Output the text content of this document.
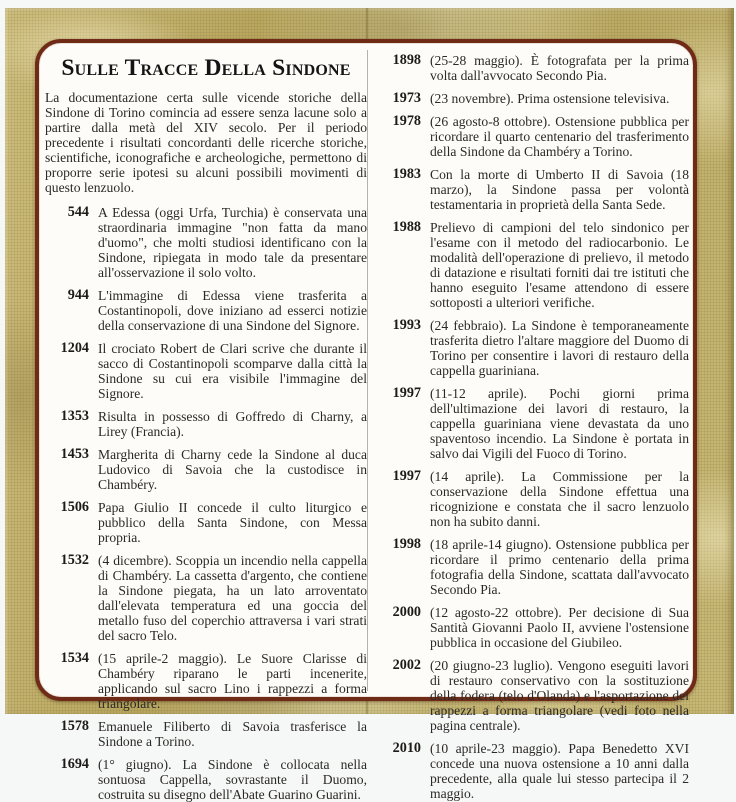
Sulle Tracce Della Sindone

La documentazione certa sulle vicende storiche della Sindone di Torino comincia ad essere senza lacune solo a partire dalla metà del XIV secolo. Per il periodo precedente i risultati concordanti delle ricerche storiche, scientifiche, iconografiche e archeologiche, permettono di proporre serie ipotesi su alcuni possibili movimenti di questo lenzuolo.

544 A Edessa (oggi Urfa, Turchia) è conservata una straordinaria immagine "non fatta da mano d'uomo", che molti studiosi identificano con la Sindone, ripiegata in modo tale da presentare all'osservazione il solo volto.
944 L'immagine di Edessa viene trasferita a Costantinopoli, dove iniziano ad esserci notizie della conservazione di una Sindone del Signore.
1204 Il crociato Robert de Clari scrive che durante il sacco di Costantinopoli scomparve dalla città la Sindone su cui era visibile l'immagine del Signore.
1353 Risulta in possesso di Goffredo di Charny, a Lirey (Francia).
1453 Margherita di Charny cede la Sindone al duca Ludovico di Savoia che la custodisce in Chambéry.
1506 Papa Giulio II concede il culto liturgico e pubblico della Santa Sindone, con Messa propria.
1532 (4 dicembre). Scoppia un incendio nella cappella di Chambéry. La cassetta d'argento, che contiene la Sindone piegata, ha un lato arroventato dall'elevata temperatura ed una goccia del metallo fuso del coperchio attraversa i vari strati del sacro Telo.
1534 (15 aprile-2 maggio). Le Suore Clarisse di Chambéry riparano le parti incenerite, applicando sul sacro Lino i rappezzi a forma triangolare.
1578 Emanuele Filiberto di Savoia trasferisce la Sindone a Torino.
1694 (1° giugno). La Sindone è collocata nella sontuosa Cappella, sovrastante il Duomo, costruita su disegno dell'Abate Guarino Guarini.
1898 (25-28 maggio). È fotografata per la prima volta dall'avvocato Secondo Pia.
1973 (23 novembre). Prima ostensione televisiva.
1978 (26 agosto-8 ottobre). Ostensione pubblica per ricordare il quarto centenario del trasferimento della Sindone da Chambéry a Torino.
1983 Con la morte di Umberto II di Savoia (18 marzo), la Sindone passa per volontà testamentaria in proprietà della Santa Sede.
1988 Prelievo di campioni del telo sindonico per l'esame con il metodo del radiocarbonio. Le modalità dell'operazione di prelievo, il metodo di datazione e risultati forniti dai tre istituti che hanno eseguito l'esame attendono di essere sottoposti a ulteriori verifiche.
1993 (24 febbraio). La Sindone è temporaneamente trasferita dietro l'altare maggiore del Duomo di Torino per consentire i lavori di restauro della cappella guariniana.
1997 (11-12 aprile). Pochi giorni prima dell'ultimazione dei lavori di restauro, la cappella guariniana viene devastata da uno spaventoso incendio. La Sindone è portata in salvo dai Vigili del Fuoco di Torino.
1997 (14 aprile). La Commissione per la conservazione della Sindone effettua una ricognizione e constata che il sacro lenzuolo non ha subito danni.
1998 (18 aprile-14 giugno). Ostensione pubblica per ricordare il primo centenario della prima fotografia della Sindone, scattata dall'avvocato Secondo Pia.
2000 (12 agosto-22 ottobre). Per decisione di Sua Santità Giovanni Paolo II, avviene l'ostensione pubblica in occasione del Giubileo.
2002 (20 giugno-23 luglio). Vengono eseguiti lavori di restauro conservativo con la sostituzione della fodera (telo d'Olanda) e l'asportazione dei rappezzi a forma triangolare (vedi foto nella pagina centrale).
2010 (10 aprile-23 maggio). Papa Benedetto XVI concede una nuova ostensione a 10 anni dalla precedente, alla quale lui stesso partecipa il 2 maggio.
